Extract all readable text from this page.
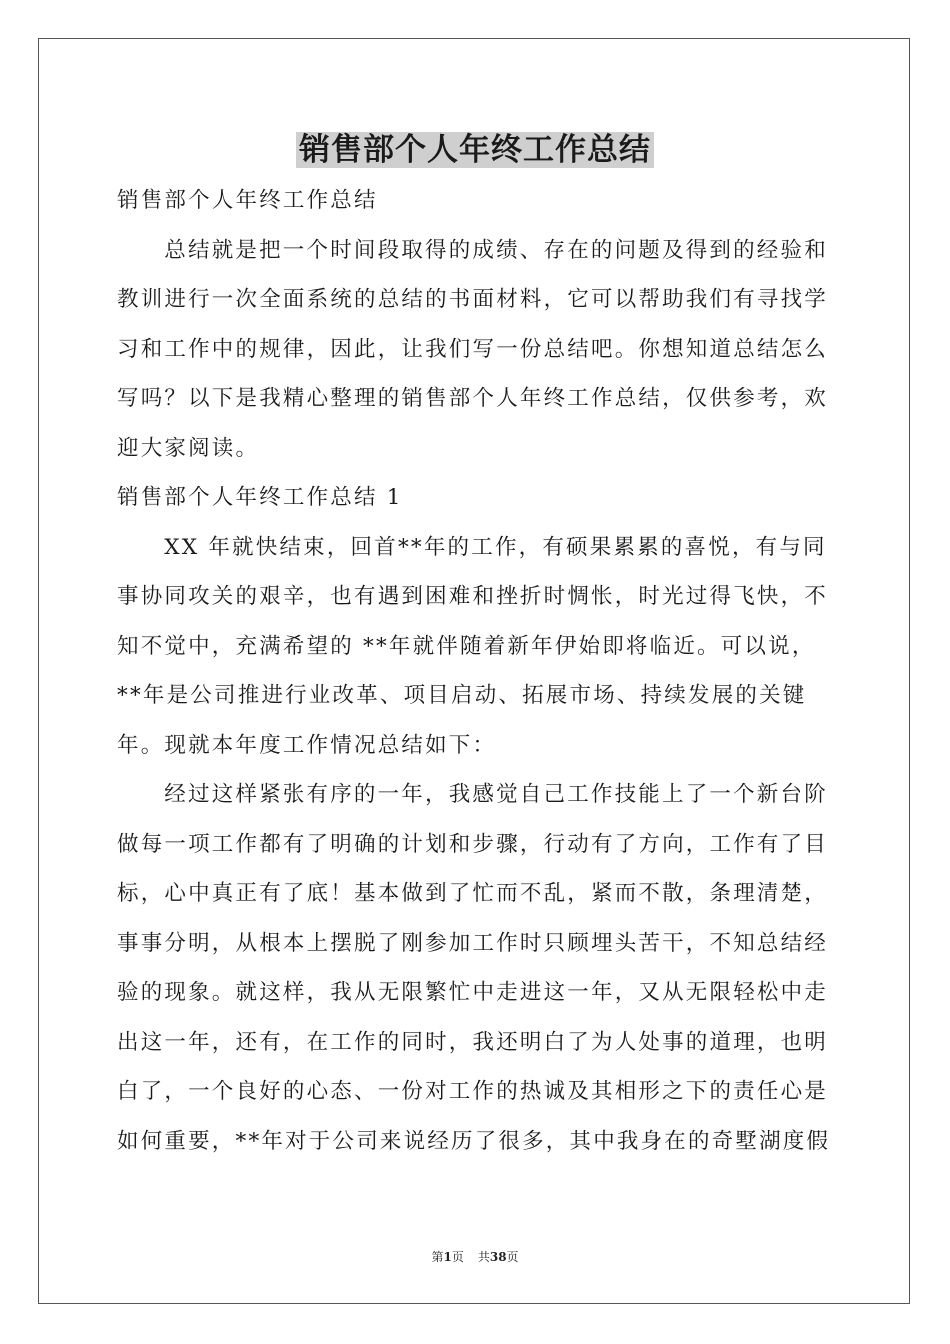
销售部个人年终工作总结

销售部个人年终工作总结

总结就是把一个时间段取得的成绩、存在的问题及得到的经验和教训进行一次全面系统的总结的书面材料，它可以帮助我们有寻找学习和工作中的规律，因此，让我们写一份总结吧。你想知道总结怎么写吗？以下是我精心整理的销售部个人年终工作总结，仅供参考，欢迎大家阅读。

销售部个人年终工作总结 1

XX 年就快结束，回首**年的工作，有硕果累累的喜悦，有与同事协同攻关的艰辛，也有遇到困难和挫折时惆怅，时光过得飞快，不知不觉中，充满希望的 **年就伴随着新年伊始即将临近。可以说，**年是公司推进行业改革、项目启动、拓展市场、持续发展的关键年。现就本年度工作情况总结如下：

经过这样紧张有序的一年，我感觉自己工作技能上了一个新台阶做每一项工作都有了明确的计划和步骤，行动有了方向，工作有了目标，心中真正有了底！基本做到了忙而不乱，紧而不散，条理清楚，事事分明，从根本上摆脱了刚参加工作时只顾埋头苦干，不知总结经验的现象。就这样，我从无限繁忙中走进这一年，又从无限轻松中走出这一年，还有，在工作的同时，我还明白了为人处事的道理，也明白了，一个良好的心态、一份对工作的热诚及其相形之下的责任心是如何重要，**年对于公司来说经历了很多，其中我身在的奇墅湖度假

第1页 共38页
